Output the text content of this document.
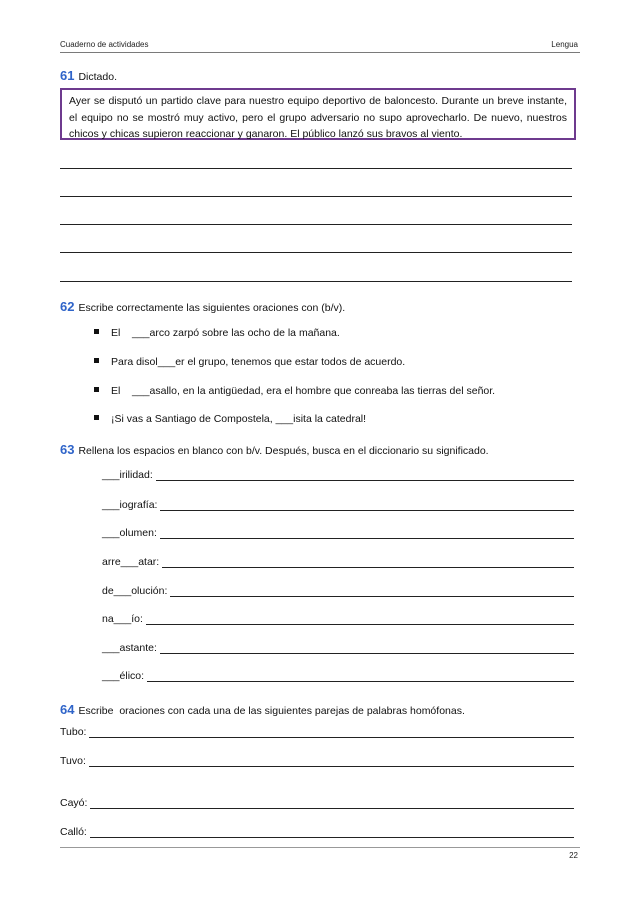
Cuaderno de actividades	Lengua
61 Dictado.
Ayer se disputó un partido clave para nuestro equipo deportivo de baloncesto. Durante un breve instante, el equipo no se mostró muy activo, pero el grupo adversario no supo aprovecharlo. De nuevo, nuestros chicos y chicas supieron reaccionar y ganaron. El público lanzó sus bravos al viento.
62 Escribe correctamente las siguientes oraciones con (b/v).
El    ___arco zarpó sobre las ocho de la mañana.
Para disol___er el grupo, tenemos que estar todos de acuerdo.
El    ___asallo, en la antigüedad, era el hombre que conreaba las tierras del señor.
¡Si vas a Santiago de Compostela, ___isita la catedral!
63 Rellena los espacios en blanco con b/v. Después, busca en el diccionario su significado.
___irilidad:
___iografía:
___olumen:
arre___atar:
de___olución:
na___ío:
___astante:
___élico:
64 Escribe  oraciones con cada una de las siguientes parejas de palabras homófonas.
Tubo:
Tuvo:
Cayó:
Calló:
22
